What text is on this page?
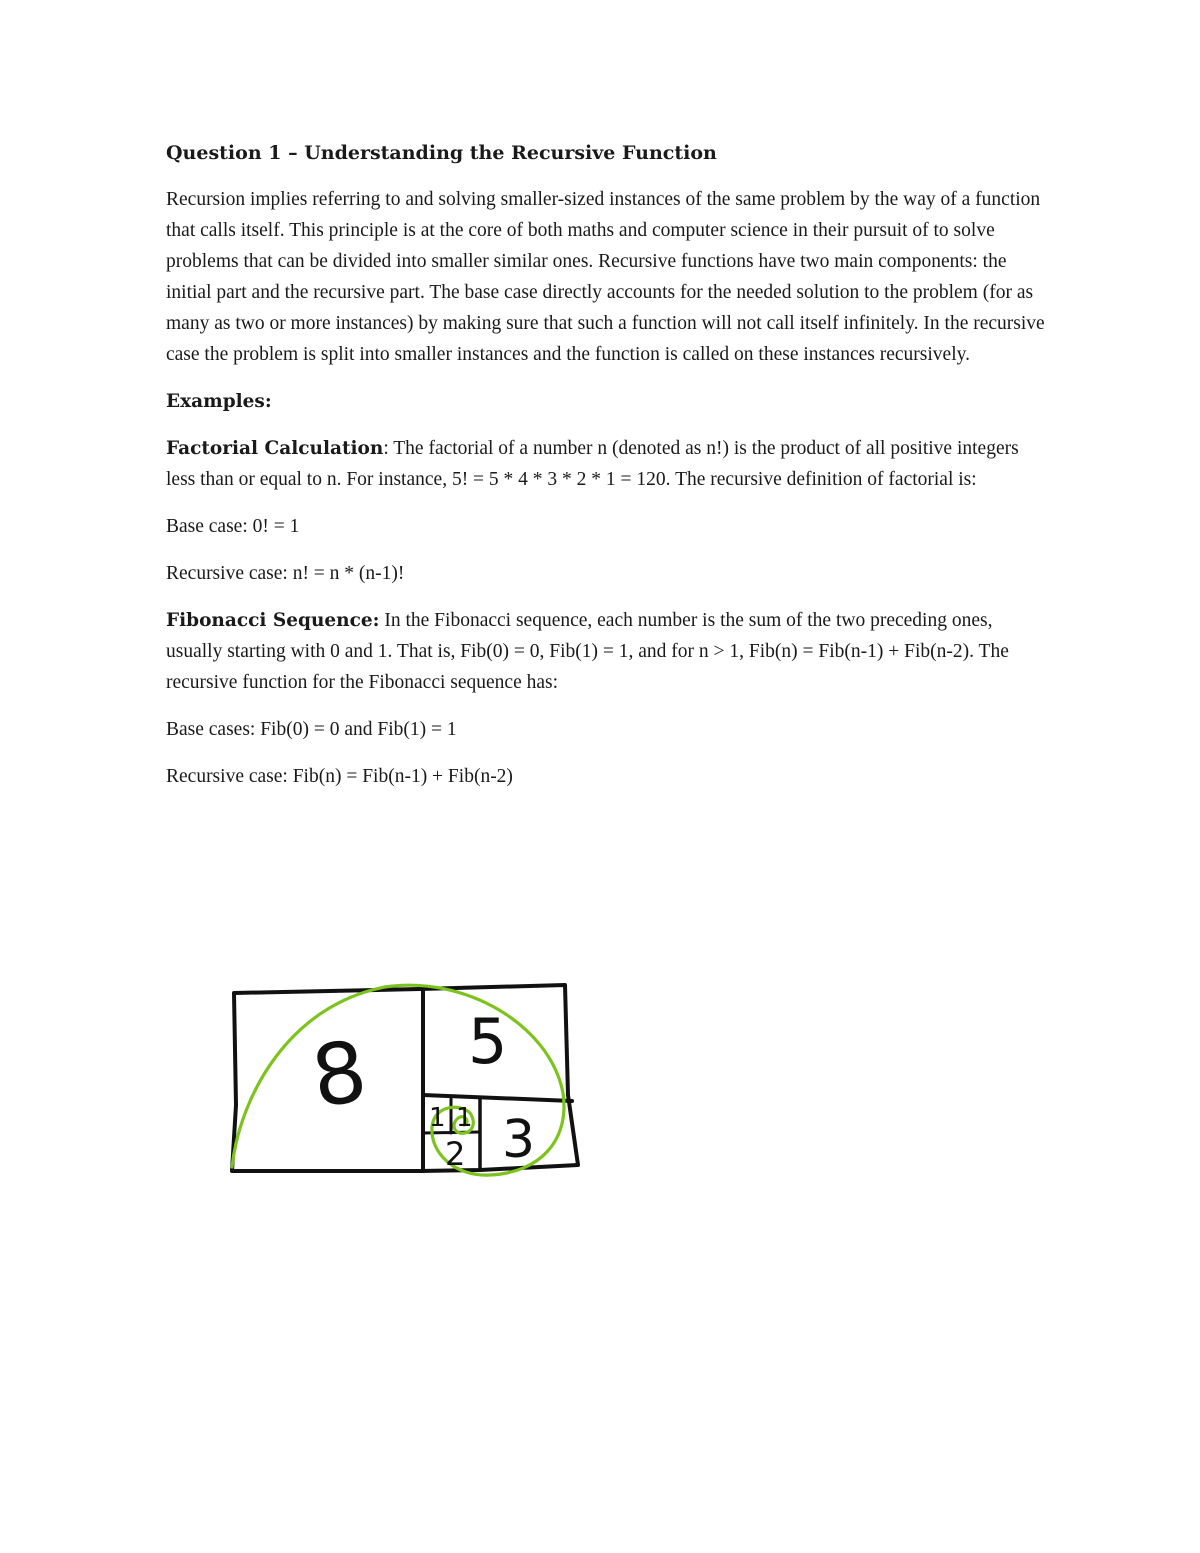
Question 1 – Understanding the Recursive Function

Recursion implies referring to and solving smaller-sized instances of the same problem by the way of a function that calls itself. This principle is at the core of both maths and computer science in their pursuit of to solve problems that can be divided into smaller similar ones. Recursive functions have two main components: the initial part and the recursive part. The base case directly accounts for the needed solution to the problem (for as many as two or more instances) by making sure that such a function will not call itself infinitely. In the recursive case the problem is split into smaller instances and the function is called on these instances recursively.

Examples:

Factorial Calculation: The factorial of a number n (denoted as n!) is the product of all positive integers less than or equal to n. For instance, 5! = 5 * 4 * 3 * 2 * 1 = 120. The recursive definition of factorial is:

Base case: 0! = 1

Recursive case: n! = n * (n-1)!

Fibonacci Sequence: In the Fibonacci sequence, each number is the sum of the two preceding ones, usually starting with 0 and 1. That is, Fib(0) = 0, Fib(1) = 1, and for n > 1, Fib(n) = Fib(n-1) + Fib(n-2). The recursive function for the Fibonacci sequence has:

Base cases: Fib(0) = 0 and Fib(1) = 1

Recursive case: Fib(n) = Fib(n-1) + Fib(n-2)

8 5
3
2
1 1
